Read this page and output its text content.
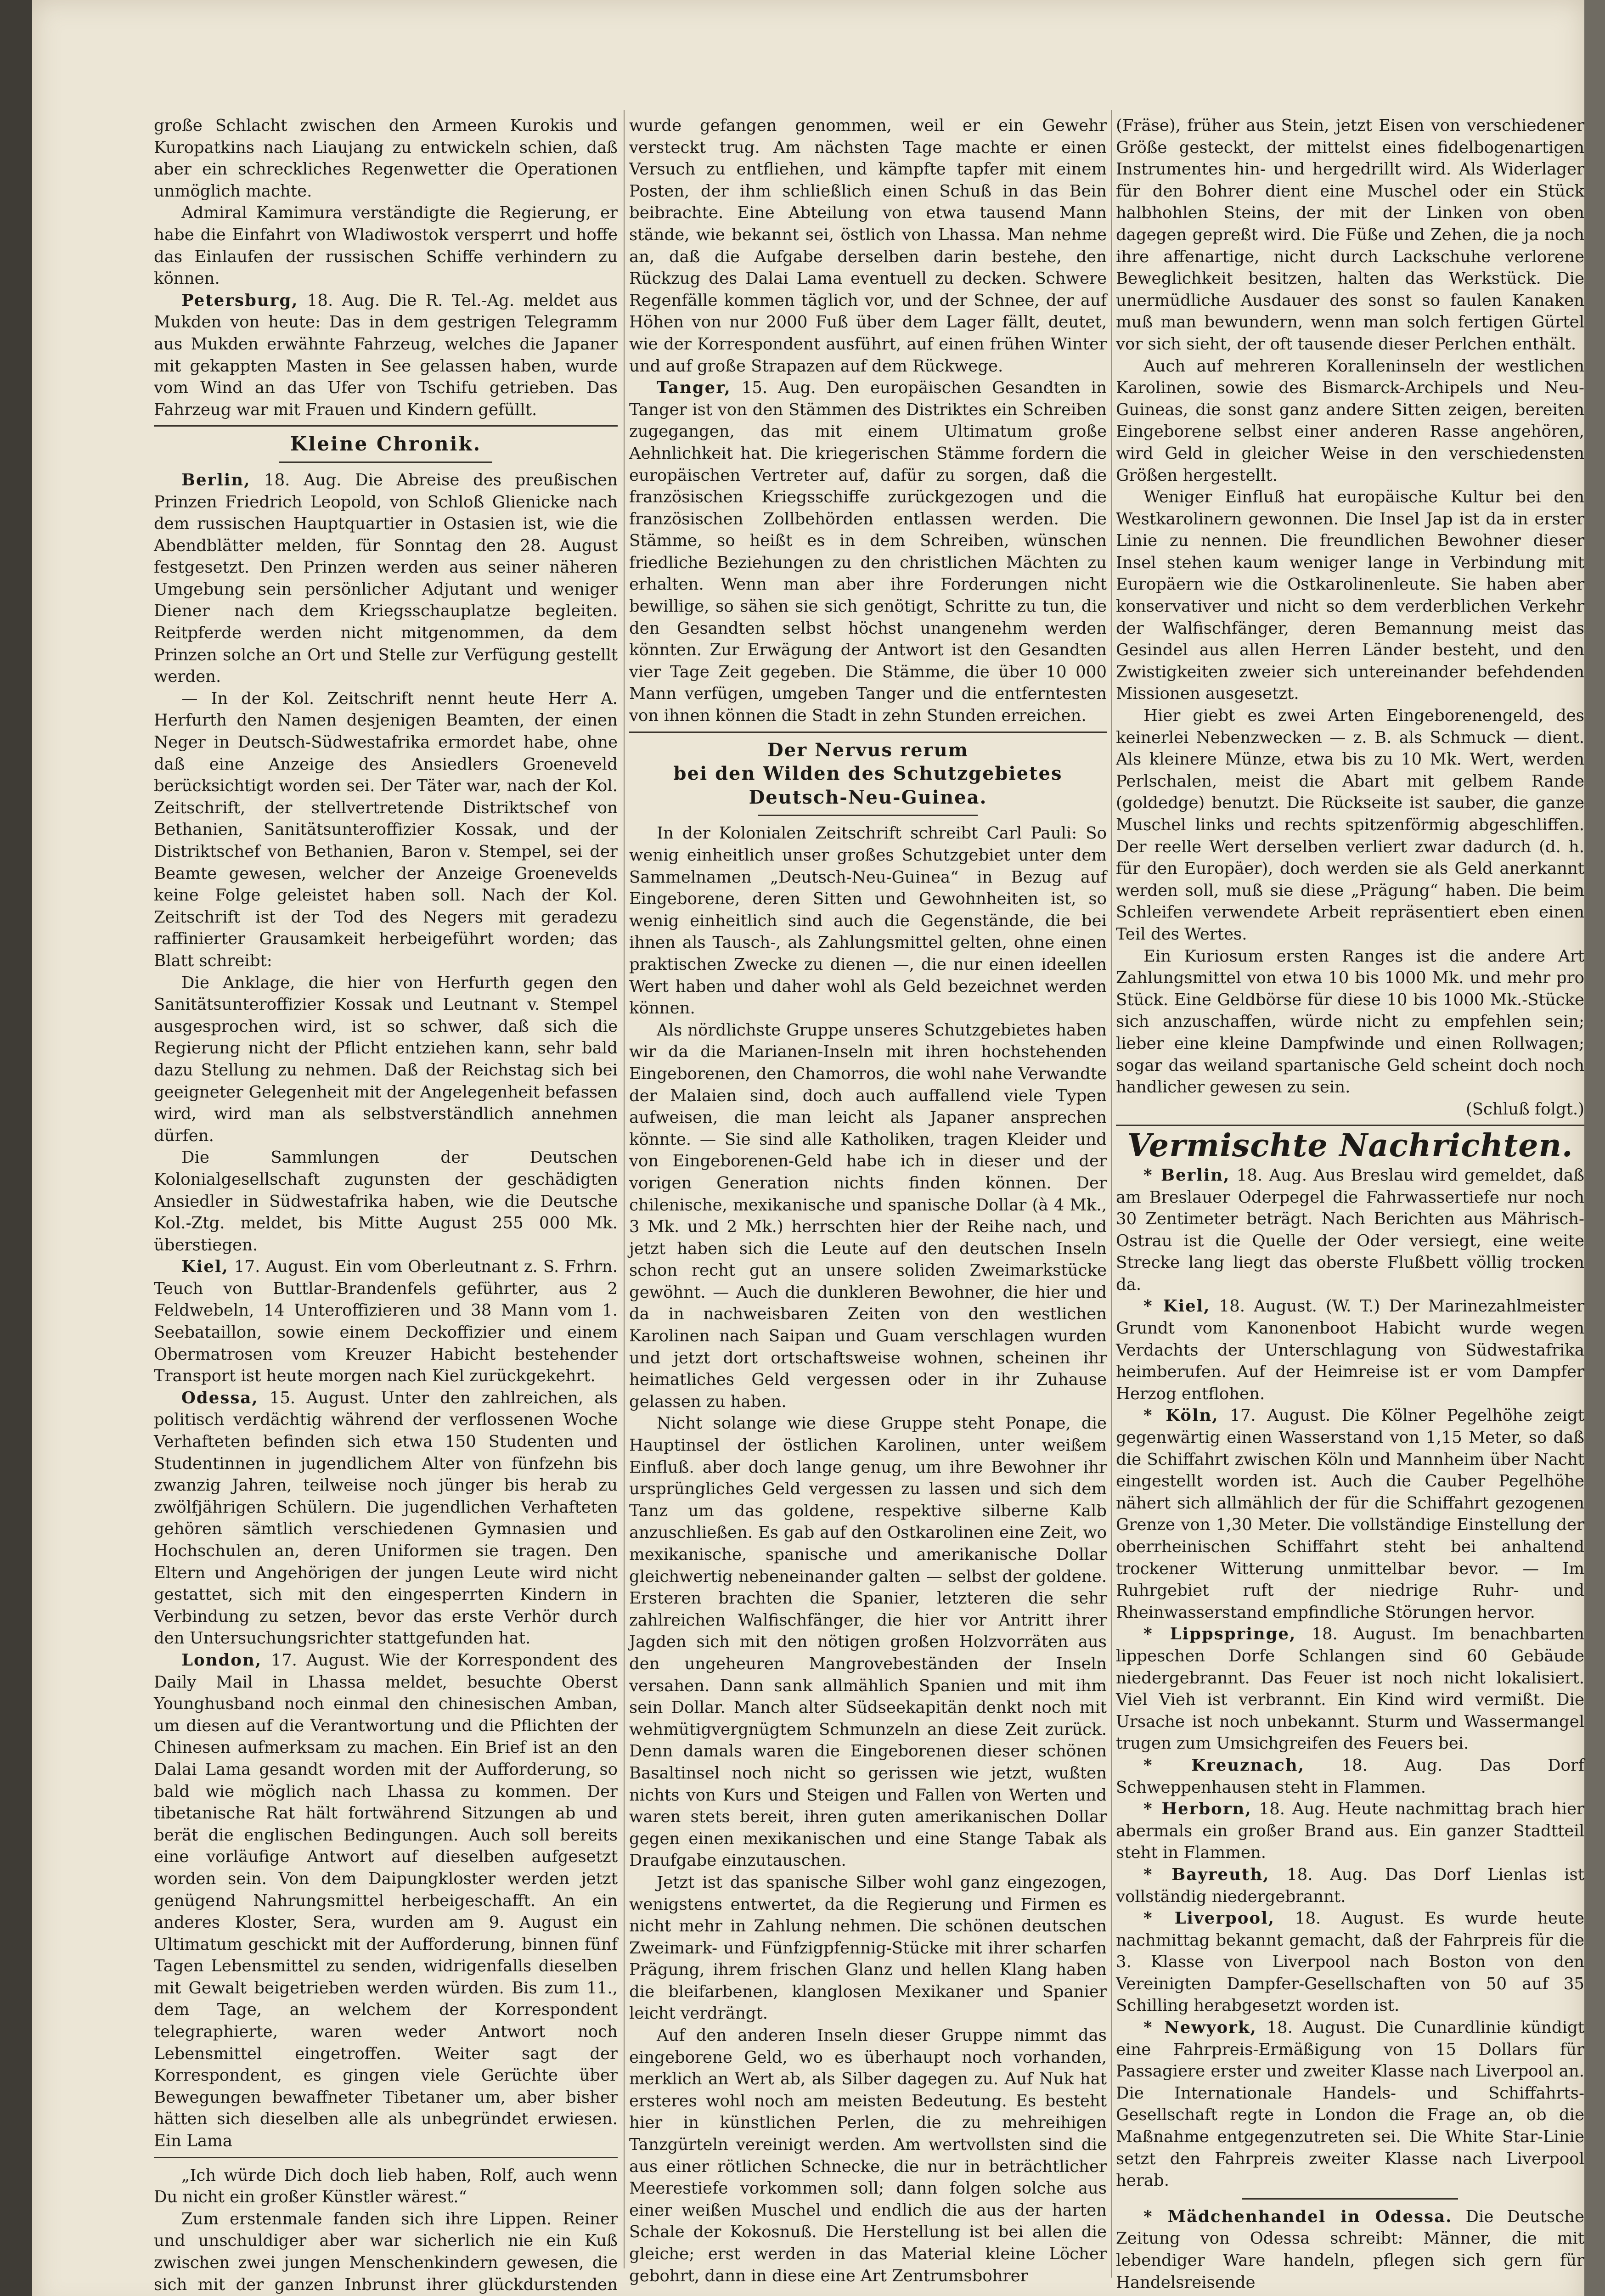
große Schlacht zwischen den Armeen Kurokis und Kuropatkins nach Liaujang zu entwickeln schien, daß aber ein schreckliches Regenwetter die Operationen unmöglich machte.

Admiral Kamimura verständigte die Regierung, er habe die Einfahrt von Wladiwostok versperrt und hoffe das Einlaufen der russischen Schiffe verhindern zu können.

Petersburg, 18. Aug. Die R. Tel.-Ag. meldet aus Mukden von heute: Das in dem gestrigen Telegramm aus Mukden erwähnte Fahrzeug, welches die Japaner mit gekappten Masten in See gelassen haben, wurde vom Wind an das Ufer von Tschifu getrieben. Das Fahrzeug war mit Frauen und Kindern gefüllt.

Kleine Chronik.

Berlin, 18. Aug. Die Abreise des preußischen Prinzen Friedrich Leopold, von Schloß Glienicke nach dem russischen Hauptquartier in Ostasien ist, wie die Abendblätter melden, für Sonntag den 28. August festgesetzt. Den Prinzen werden aus seiner näheren Umgebung sein persönlicher Adjutant und weniger Diener nach dem Kriegsschauplatze begleiten. Reitpferde werden nicht mitgenommen, da dem Prinzen solche an Ort und Stelle zur Verfügung gestellt werden.

— In der Kol. Zeitschrift nennt heute Herr A. Herfurth den Namen desjenigen Beamten, der einen Neger in Deutsch-Südwestafrika ermordet habe, ohne daß eine Anzeige des Ansiedlers Groeneveld berücksichtigt worden sei. Der Täter war, nach der Kol. Zeitschrift, der stellvertretende Distriktschef von Bethanien, Sanitätsunteroffizier Kossak, und der Distriktschef von Bethanien, Baron v. Stempel, sei der Beamte gewesen, welcher der Anzeige Groenevelds keine Folge geleistet haben soll. Nach der Kol. Zeitschrift ist der Tod des Negers mit geradezu raffinierter Grausamkeit herbeigeführt worden; das Blatt schreibt:

Die Anklage, die hier von Herfurth gegen den Sanitätsunteroffizier Kossak und Leutnant v. Stempel ausgesprochen wird, ist so schwer, daß sich die Regierung nicht der Pflicht entziehen kann, sehr bald dazu Stellung zu nehmen. Daß der Reichstag sich bei geeigneter Gelegenheit mit der Angelegenheit befassen wird, wird man als selbstverständlich annehmen dürfen.

Die Sammlungen der Deutschen Kolonialgesellschaft zugunsten der geschädigten Ansiedler in Südwestafrika haben, wie die Deutsche Kol.-Ztg. meldet, bis Mitte August 255 000 Mk. überstiegen.

Kiel, 17. August. Ein vom Oberleutnant z. S. Frhrn. Teuch von Buttlar-Brandenfels geführter, aus 2 Feldwebeln, 14 Unteroffizieren und 38 Mann vom 1. Seebataillon, sowie einem Deckoffizier und einem Obermatrosen vom Kreuzer Habicht bestehender Transport ist heute morgen nach Kiel zurückgekehrt.

Odessa, 15. August. Unter den zahlreichen, als politisch verdächtig während der verflossenen Woche Verhafteten befinden sich etwa 150 Studenten und Studentinnen in jugendlichem Alter von fünfzehn bis zwanzig Jahren, teilweise noch jünger bis herab zu zwölfjährigen Schülern. Die jugendlichen Verhafteten gehören sämtlich verschiedenen Gymnasien und Hochschulen an, deren Uniformen sie tragen. Den Eltern und Angehörigen der jungen Leute wird nicht gestattet, sich mit den eingesperrten Kindern in Verbindung zu setzen, bevor das erste Verhör durch den Untersuchungsrichter stattgefunden hat.

London, 17. August. Wie der Korrespondent des Daily Mail in Lhassa meldet, besuchte Oberst Younghusband noch einmal den chinesischen Amban, um diesen auf die Verantwortung und die Pflichten der Chinesen aufmerksam zu machen. Ein Brief ist an den Dalai Lama gesandt worden mit der Aufforderung, so bald wie möglich nach Lhassa zu kommen. Der tibetanische Rat hält fortwährend Sitzungen ab und berät die englischen Bedingungen. Auch soll bereits eine vorläufige Antwort auf dieselben aufgesetzt worden sein. Von dem Daipungkloster werden jetzt genügend Nahrungsmittel herbeigeschafft. An ein anderes Kloster, Sera, wurden am 9. August ein Ultimatum geschickt mit der Aufforderung, binnen fünf Tagen Lebensmittel zu senden, widrigenfalls dieselben mit Gewalt beigetrieben werden würden. Bis zum 11., dem Tage, an welchem der Korrespondent telegraphierte, waren weder Antwort noch Lebensmittel eingetroffen. Weiter sagt der Korrespondent, es gingen viele Gerüchte über Bewegungen bewaffneter Tibetaner um, aber bisher hätten sich dieselben alle als unbegründet erwiesen. Ein Lama

„Ich würde Dich doch lieb haben, Rolf, auch wenn Du nicht ein großer Künstler wärest.“

Zum erstenmale fanden sich ihre Lippen. Reiner und unschuldiger aber war sicherlich nie ein Kuß zwischen zwei jungen Menschenkindern gewesen, die sich mit der ganzen Inbrunst ihrer glückdurstenden

wurde gefangen genommen, weil er ein Gewehr versteckt trug. Am nächsten Tage machte er einen Versuch zu entfliehen, und kämpfte tapfer mit einem Posten, der ihm schließlich einen Schuß in das Bein beibrachte. Eine Abteilung von etwa tausend Mann stände, wie bekannt sei, östlich von Lhassa. Man nehme an, daß die Aufgabe derselben darin bestehe, den Rückzug des Dalai Lama eventuell zu decken. Schwere Regenfälle kommen täglich vor, und der Schnee, der auf Höhen von nur 2000 Fuß über dem Lager fällt, deutet, wie der Korrespondent ausführt, auf einen frühen Winter und auf große Strapazen auf dem Rückwege.

Tanger, 15. Aug. Den europäischen Gesandten in Tanger ist von den Stämmen des Distriktes ein Schreiben zugegangen, das mit einem Ultimatum große Aehnlichkeit hat. Die kriegerischen Stämme fordern die europäischen Vertreter auf, dafür zu sorgen, daß die französischen Kriegsschiffe zurückgezogen und die französischen Zollbehörden entlassen werden. Die Stämme, so heißt es in dem Schreiben, wünschen friedliche Beziehungen zu den christlichen Mächten zu erhalten. Wenn man aber ihre Forderungen nicht bewillige, so sähen sie sich genötigt, Schritte zu tun, die den Gesandten selbst höchst unangenehm werden könnten. Zur Erwägung der Antwort ist den Gesandten vier Tage Zeit gegeben. Die Stämme, die über 10 000 Mann verfügen, umgeben Tanger und die entferntesten von ihnen können die Stadt in zehn Stunden erreichen.

Der Nervus rerum
bei den Wilden des Schutzgebietes
Deutsch-Neu-Guinea.

In der Kolonialen Zeitschrift schreibt Carl Pauli: So wenig einheitlich unser großes Schutzgebiet unter dem Sammelnamen „Deutsch-Neu-Guinea“ in Bezug auf Eingeborene, deren Sitten und Gewohnheiten ist, so wenig einheitlich sind auch die Gegenstände, die bei ihnen als Tausch-, als Zahlungsmittel gelten, ohne einen praktischen Zwecke zu dienen —, die nur einen ideellen Wert haben und daher wohl als Geld bezeichnet werden können.

Als nördlichste Gruppe unseres Schutzgebietes haben wir da die Marianen-Inseln mit ihren hochstehenden Eingeborenen, den Chamorros, die wohl nahe Verwandte der Malaien sind, doch auch auffallend viele Typen aufweisen, die man leicht als Japaner ansprechen könnte. — Sie sind alle Katholiken, tragen Kleider und von Eingeborenen-Geld habe ich in dieser und der vorigen Generation nichts finden können. Der chilenische, mexikanische und spanische Dollar (à 4 Mk., 3 Mk. und 2 Mk.) herrschten hier der Reihe nach, und jetzt haben sich die Leute auf den deutschen Inseln schon recht gut an unsere soliden Zweimarkstücke gewöhnt. — Auch die dunkleren Bewohner, die hier und da in nachweisbaren Zeiten von den westlichen Karolinen nach Saipan und Guam verschlagen wurden und jetzt dort ortschaftsweise wohnen, scheinen ihr heimatliches Geld vergessen oder in ihr Zuhause gelassen zu haben.

Nicht solange wie diese Gruppe steht Ponape, die Hauptinsel der östlichen Karolinen, unter weißem Einfluß. aber doch lange genug, um ihre Bewohner ihr ursprüngliches Geld vergessen zu lassen und sich dem Tanz um das goldene, respektive silberne Kalb anzuschließen. Es gab auf den Ostkarolinen eine Zeit, wo mexikanische, spanische und amerikanische Dollar gleichwertig nebeneinander galten — selbst der goldene. Ersteren brachten die Spanier, letzteren die sehr zahlreichen Walfischfänger, die hier vor Antritt ihrer Jagden sich mit den nötigen großen Holzvorräten aus den ungeheuren Mangrovebeständen der Inseln versahen. Dann sank allmählich Spanien und mit ihm sein Dollar. Manch alter Südseekapitän denkt noch mit wehmütigvergnügtem Schmunzeln an diese Zeit zurück. Denn damals waren die Eingeborenen dieser schönen Basaltinsel noch nicht so gerissen wie jetzt, wußten nichts von Kurs und Steigen und Fallen von Werten und waren stets bereit, ihren guten amerikanischen Dollar gegen einen mexikanischen und eine Stange Tabak als Draufgabe einzutauschen.

Jetzt ist das spanische Silber wohl ganz eingezogen, wenigstens entwertet, da die Regierung und Firmen es nicht mehr in Zahlung nehmen. Die schönen deutschen Zweimark- und Fünfzigpfennig-Stücke mit ihrer scharfen Prägung, ihrem frischen Glanz und hellen Klang haben die bleifarbenen, klanglosen Mexikaner und Spanier leicht verdrängt.

Auf den anderen Inseln dieser Gruppe nimmt das eingeborene Geld, wo es überhaupt noch vorhanden, merklich an Wert ab, als Silber dagegen zu. Auf Nuk hat ersteres wohl noch am meisten Bedeutung. Es besteht hier in künstlichen Perlen, die zu mehreihigen Tanzgürteln vereinigt werden. Am wertvollsten sind die aus einer rötlichen Schnecke, die nur in beträchtlicher Meerestiefe vorkommen soll; dann folgen solche aus einer weißen Muschel und endlich die aus der harten Schale der Kokosnuß. Die Herstellung ist bei allen die gleiche; erst werden in das Material kleine Löcher gebohrt, dann in diese eine Art Zentrumsbohrer

(Fräse), früher aus Stein, jetzt Eisen von verschiedener Größe gesteckt, der mittelst eines fidelbogenartigen Instrumentes hin- und hergedrillt wird. Als Widerlager für den Bohrer dient eine Muschel oder ein Stück halbhohlen Steins, der mit der Linken von oben dagegen gepreßt wird. Die Füße und Zehen, die ja noch ihre affenartige, nicht durch Lackschuhe verlorene Beweglichkeit besitzen, halten das Werkstück. Die unermüdliche Ausdauer des sonst so faulen Kanaken muß man bewundern, wenn man solch fertigen Gürtel vor sich sieht, der oft tausende dieser Perlchen enthält.

Auch auf mehreren Koralleninseln der westlichen Karolinen, sowie des Bismarck-Archipels und Neu-Guineas, die sonst ganz andere Sitten zeigen, bereiten Eingeborene selbst einer anderen Rasse angehören, wird Geld in gleicher Weise in den verschiedensten Größen hergestellt.

Weniger Einfluß hat europäische Kultur bei den Westkarolinern gewonnen. Die Insel Jap ist da in erster Linie zu nennen. Die freundlichen Bewohner dieser Insel stehen kaum weniger lange in Verbindung mit Europäern wie die Ostkarolinenleute. Sie haben aber konservativer und nicht so dem verderblichen Verkehr der Walfischfänger, deren Bemannung meist das Gesindel aus allen Herren Länder besteht, und den Zwistigkeiten zweier sich untereinander befehdenden Missionen ausgesetzt.

Hier giebt es zwei Arten Eingeborenengeld, des keinerlei Nebenzwecken — z. B. als Schmuck — dient. Als kleinere Münze, etwa bis zu 10 Mk. Wert, werden Perlschalen, meist die Abart mit gelbem Rande (goldedge) benutzt. Die Rückseite ist sauber, die ganze Muschel links und rechts spitzenförmig abgeschliffen. Der reelle Wert derselben verliert zwar dadurch (d. h. für den Europäer), doch werden sie als Geld anerkannt werden soll, muß sie diese „Prägung“ haben. Die beim Schleifen verwendete Arbeit repräsentiert eben einen Teil des Wertes.

Ein Kuriosum ersten Ranges ist die andere Art Zahlungsmittel von etwa 10 bis 1000 Mk. und mehr pro Stück. Eine Geldbörse für diese 10 bis 1000 Mk.-Stücke sich anzuschaffen, würde nicht zu empfehlen sein; lieber eine kleine Dampfwinde und einen Rollwagen; sogar das weiland spartanische Geld scheint doch noch handlicher gewesen zu sein.

(Schluß folgt.)

Vermischte Nachrichten.

* Berlin, 18. Aug. Aus Breslau wird gemeldet, daß am Breslauer Oderpegel die Fahrwassertiefe nur noch 30 Zentimeter beträgt. Nach Berichten aus Mährisch-Ostrau ist die Quelle der Oder versiegt, eine weite Strecke lang liegt das oberste Flußbett völlig trocken da.

* Kiel, 18. August. (W. T.) Der Marinezahlmeister Grundt vom Kanonenboot Habicht wurde wegen Verdachts der Unterschlagung von Südwestafrika heimberufen. Auf der Heimreise ist er vom Dampfer Herzog entflohen.

* Köln, 17. August. Die Kölner Pegelhöhe zeigt gegenwärtig einen Wasserstand von 1,15 Meter, so daß die Schiffahrt zwischen Köln und Mannheim über Nacht eingestellt worden ist. Auch die Cauber Pegelhöhe nähert sich allmählich der für die Schiffahrt gezogenen Grenze von 1,30 Meter. Die vollständige Einstellung der oberrheinischen Schiffahrt steht bei anhaltend trockener Witterung unmittelbar bevor. — Im Ruhrgebiet ruft der niedrige Ruhr- und Rheinwasserstand empfindliche Störungen hervor.

* Lippspringe, 18. August. Im benachbarten lippeschen Dorfe Schlangen sind 60 Gebäude niedergebrannt. Das Feuer ist noch nicht lokalisiert. Viel Vieh ist verbrannt. Ein Kind wird vermißt. Die Ursache ist noch unbekannt. Sturm und Wassermangel trugen zum Umsichgreifen des Feuers bei.

* Kreuznach, 18. Aug. Das Dorf Schweppenhausen steht in Flammen.

* Herborn, 18. Aug. Heute nachmittag brach hier abermals ein großer Brand aus. Ein ganzer Stadtteil steht in Flammen.

* Bayreuth, 18. Aug. Das Dorf Lienlas ist vollständig niedergebrannt.

* Liverpool, 18. August. Es wurde heute nachmittag bekannt gemacht, daß der Fahrpreis für die 3. Klasse von Liverpool nach Boston von den Vereinigten Dampfer-Gesellschaften von 50 auf 35 Schilling herabgesetzt worden ist.

* Newyork, 18. August. Die Cunardlinie kündigt eine Fahrpreis-Ermäßigung von 15 Dollars für Passagiere erster und zweiter Klasse nach Liverpool an. Die Internationale Handels- und Schiffahrts-Gesellschaft regte in London die Frage an, ob die Maßnahme entgegenzutreten sei. Die White Star-Linie setzt den Fahrpreis zweiter Klasse nach Liverpool herab.

* Mädchenhandel in Odessa. Die Deutsche Zeitung von Odessa schreibt: Männer, die mit lebendiger Ware handeln, pflegen sich gern für Handelsreisende
